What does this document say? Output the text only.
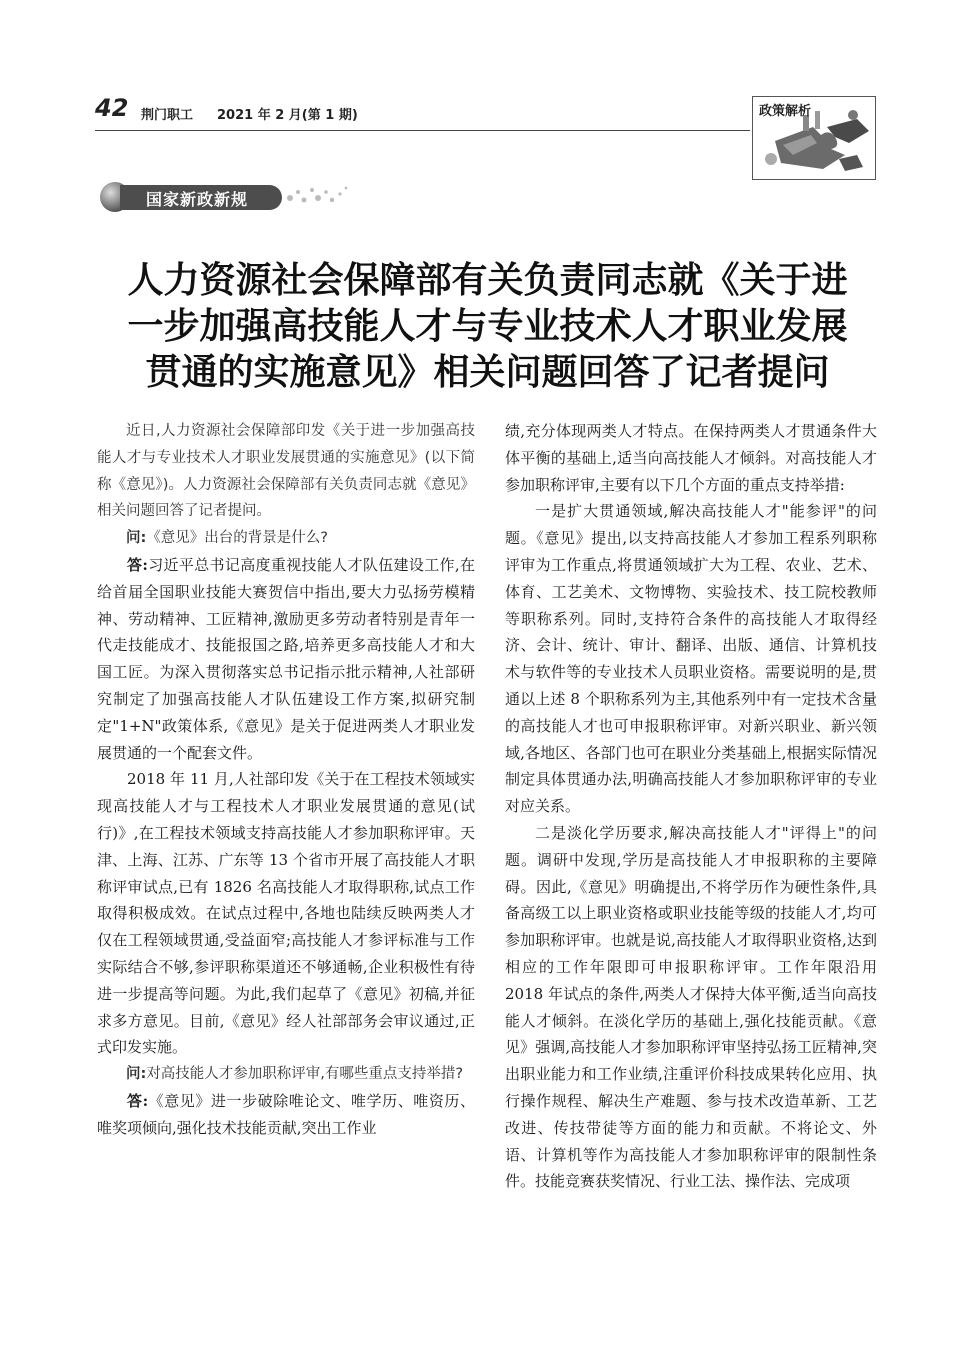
42 荆门职工 2021 年 2 月(第 1 期)	政策解析
国家新政新规
人力资源社会保障部有关负责同志就《关于进
一步加强高技能人才与专业技术人才职业发展
贯通的实施意见》相关问题回答了记者提问

近日,人力资源社会保障部印发《关于进一步加强高技能人才与专业技术人才职业发展贯通的实施意见》(以下简称《意见》)。人力资源社会保障部有关负责同志就《意见》相关问题回答了记者提问。

问:《意见》出台的背景是什么?

答:习近平总书记高度重视技能人才队伍建设工作,在给首届全国职业技能大赛贺信中指出,要大力弘扬劳模精神、劳动精神、工匠精神,激励更多劳动者特别是青年一代走技能成才、技能报国之路,培养更多高技能人才和大国工匠。为深入贯彻落实总书记指示批示精神,人社部研究制定了加强高技能人才队伍建设工作方案,拟研究制定"1+N"政策体系,《意见》是关于促进两类人才职业发展贯通的一个配套文件。

2018 年 11 月,人社部印发《关于在工程技术领域实现高技能人才与工程技术人才职业发展贯通的意见(试行)》,在工程技术领域支持高技能人才参加职称评审。天津、上海、江苏、广东等 13 个省市开展了高技能人才职称评审试点,已有 1826 名高技能人才取得职称,试点工作取得积极成效。在试点过程中,各地也陆续反映两类人才仅在工程领域贯通,受益面窄;高技能人才参评标准与工作实际结合不够,参评职称渠道还不够通畅,企业积极性有待进一步提高等问题。为此,我们起草了《意见》初稿,并征求多方意见。目前,《意见》经人社部部务会审议通过,正式印发实施。

问:对高技能人才参加职称评审,有哪些重点支持举措?

答:《意见》进一步破除唯论文、唯学历、唯资历、唯奖项倾向,强化技术技能贡献,突出工作业

绩,充分体现两类人才特点。在保持两类人才贯通条件大体平衡的基础上,适当向高技能人才倾斜。对高技能人才参加职称评审,主要有以下几个方面的重点支持举措:

一是扩大贯通领域,解决高技能人才"能参评"的问题。《意见》提出,以支持高技能人才参加工程系列职称评审为工作重点,将贯通领域扩大为工程、农业、艺术、体育、工艺美术、文物博物、实验技术、技工院校教师等职称系列。同时,支持符合条件的高技能人才取得经济、会计、统计、审计、翻译、出版、通信、计算机技术与软件等的专业技术人员职业资格。需要说明的是,贯通以上述 8 个职称系列为主,其他系列中有一定技术含量的高技能人才也可申报职称评审。对新兴职业、新兴领域,各地区、各部门也可在职业分类基础上,根据实际情况制定具体贯通办法,明确高技能人才参加职称评审的专业对应关系。

二是淡化学历要求,解决高技能人才"评得上"的问题。调研中发现,学历是高技能人才申报职称的主要障碍。因此,《意见》明确提出,不将学历作为硬性条件,具备高级工以上职业资格或职业技能等级的技能人才,均可参加职称评审。也就是说,高技能人才取得职业资格,达到相应的工作年限即可申报职称评审。工作年限沿用 2018 年试点的条件,两类人才保持大体平衡,适当向高技能人才倾斜。在淡化学历的基础上,强化技能贡献。《意见》强调,高技能人才参加职称评审坚持弘扬工匠精神,突出职业能力和工作业绩,注重评价科技成果转化应用、执行操作规程、解决生产难题、参与技术改造革新、工艺改进、传技带徒等方面的能力和贡献。不将论文、外语、计算机等作为高技能人才参加职称评审的限制性条件。技能竞赛获奖情况、行业工法、操作法、完成项
